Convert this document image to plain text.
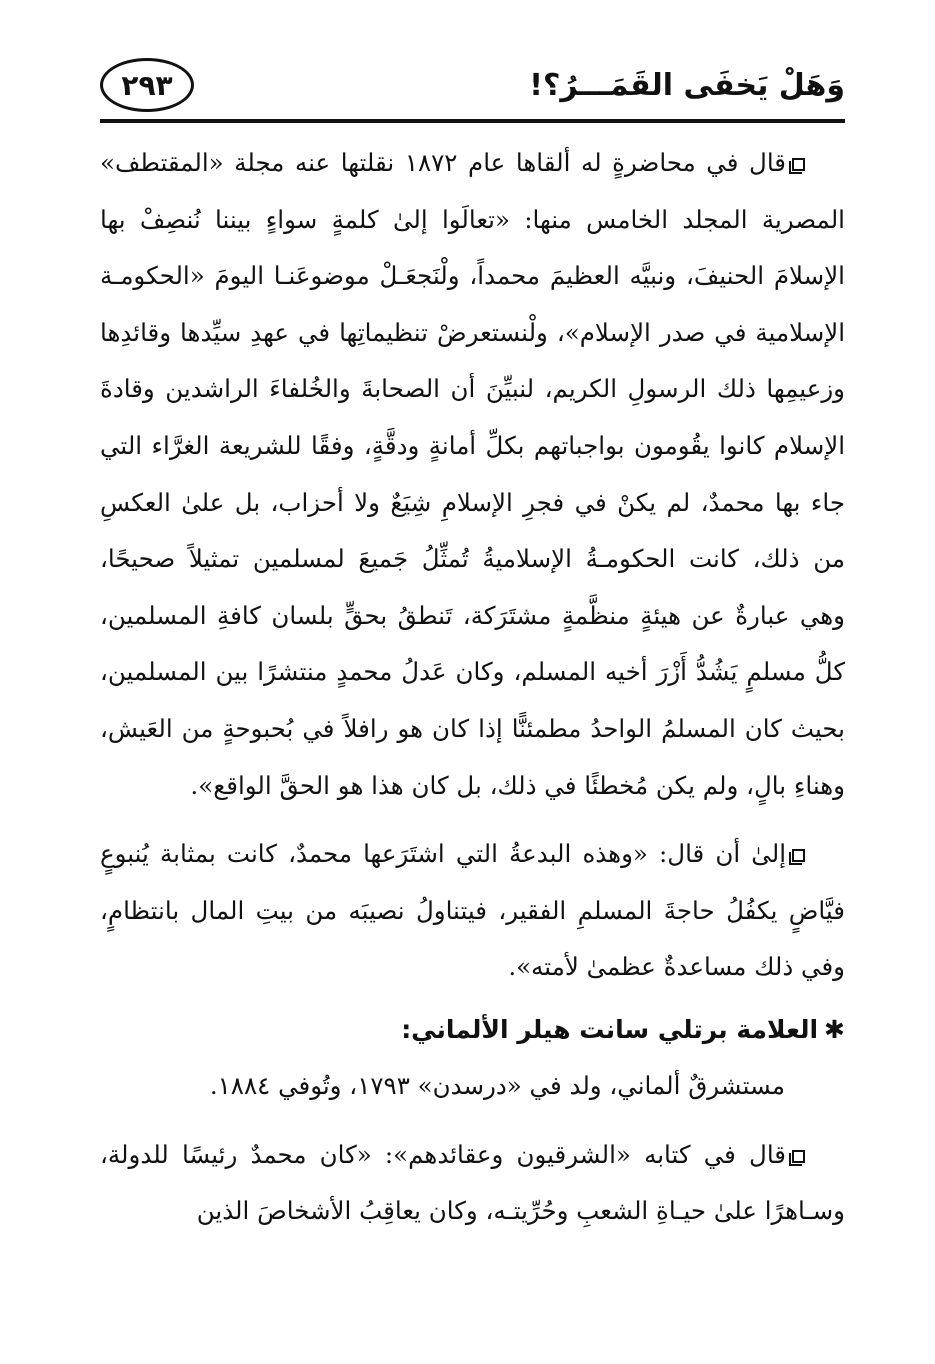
وَهَلْ يَخفَى القَمَـــرُ؟!
٢٩٣

قال في محاضرةٍ له ألقاها عام ١٨٧٢ نقلتها عنه مجلة «المقتطف» المصرية المجلد الخامس منها: «تعالَوا إلىٰ كلمةٍ سواءٍ بيننا نُنصِفْ بها الإسلامَ الحنيفَ، ونبيَّه العظيمَ محمداً، ولْنَجعَـلْ موضوعَنـا اليومَ «الحكومـة الإسلامية في صدر الإسلام»، ولْنستعرضْ تنظيماتِها في عهدِ سيِّدها وقائدِها وزعيمِها ذلك الرسولِ الكريم، لنبيِّنَ أن الصحابةَ والخُلفاءَ الراشدين وقادةَ الإسلام كانوا يقُومون بواجباتهم بكلِّ أمانةٍ ودقَّةٍ، وفقًا للشريعة الغرَّاء التي جاء بها محمدٌ، لم يكنْ في فجرِ الإسلامِ شِيَعٌ ولا أحزاب، بل علىٰ العكسِ من ذلك، كانت الحكومـةُ الإسلاميةُ تُمثِّلُ جَميعَ لمسلمين تمثيلاً صحيحًا، وهي عبارةٌ عن هيئةٍ منظَّمةٍ مشتَرَكة، تَنطقُ بحقٍّ بلسان كافةِ المسلمين، كلُّ مسلمٍ يَشُدُّ أَزْرَ أخيه المسلم، وكان عَدلُ محمدٍ منتشرًا بين المسلمين، بحيث كان المسلمُ الواحدُ مطمئنًّا إذا كان هو رافلاً في بُحبوحةٍ من العَيش، وهناءِ بالٍ، ولم يكن مُخطئًا في ذلك، بل كان هذا هو الحقَّ الواقع».

إلىٰ أن قال: «وهذه البدعةُ التي اشتَرَعها محمدٌ، كانت بمثابة يُنبوعٍ فيَّاضٍ يكفُلُ حاجةَ المسلمِ الفقير، فيتناولُ نصيبَه من بيتِ المال بانتظامٍ، وفي ذلك مساعدةٌ عظمىٰ لأمته».

✱العلامة برتلي سانت هيلر الألماني:

مستشرقٌ ألماني، ولد في «درسدن» ١٧٩٣، وتُوفي ١٨٨٤.

قال في كتابه «الشرقيون وعقائدهم»: «كان محمدٌ رئيسًا للدولة، وسـاهرًا علىٰ حيـاةِ الشعبِ وحُرِّيتـه، وكان يعاقِبُ الأشخاصَ الذين
